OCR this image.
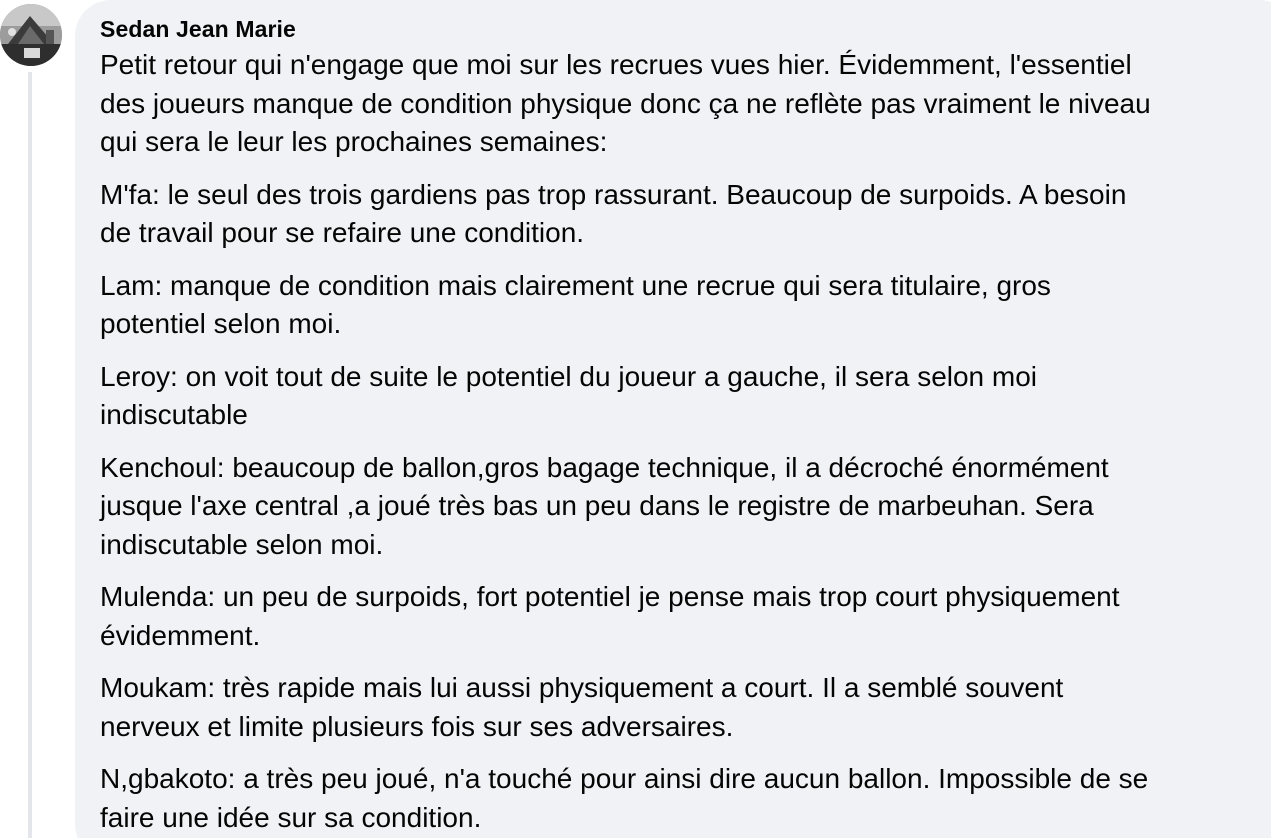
Sedan Jean Marie

Petit retour qui n'engage que moi sur les recrues vues hier. Évidemment, l'essentiel
des joueurs manque de condition physique donc ça ne reflète pas vraiment le niveau
qui sera le leur les prochaines semaines:

M'fa: le seul des trois gardiens pas trop rassurant. Beaucoup de surpoids. A besoin
de travail pour se refaire une condition.

Lam: manque de condition mais clairement une recrue qui sera titulaire, gros
potentiel selon moi.

Leroy: on voit tout de suite le potentiel du joueur a gauche, il sera selon moi
indiscutable

Kenchoul: beaucoup de ballon,gros bagage technique, il a décroché énormément
jusque l'axe central ,a joué très bas un peu dans le registre de marbeuhan. Sera
indiscutable selon moi.

Mulenda: un peu de surpoids, fort potentiel je pense mais trop court physiquement
évidemment.

Moukam: très rapide mais lui aussi physiquement a court. Il a semblé souvent
nerveux et limite plusieurs fois sur ses adversaires.

N,gbakoto: a très peu joué, n'a touché pour ainsi dire aucun ballon. Impossible de se
faire une idée sur sa condition.
